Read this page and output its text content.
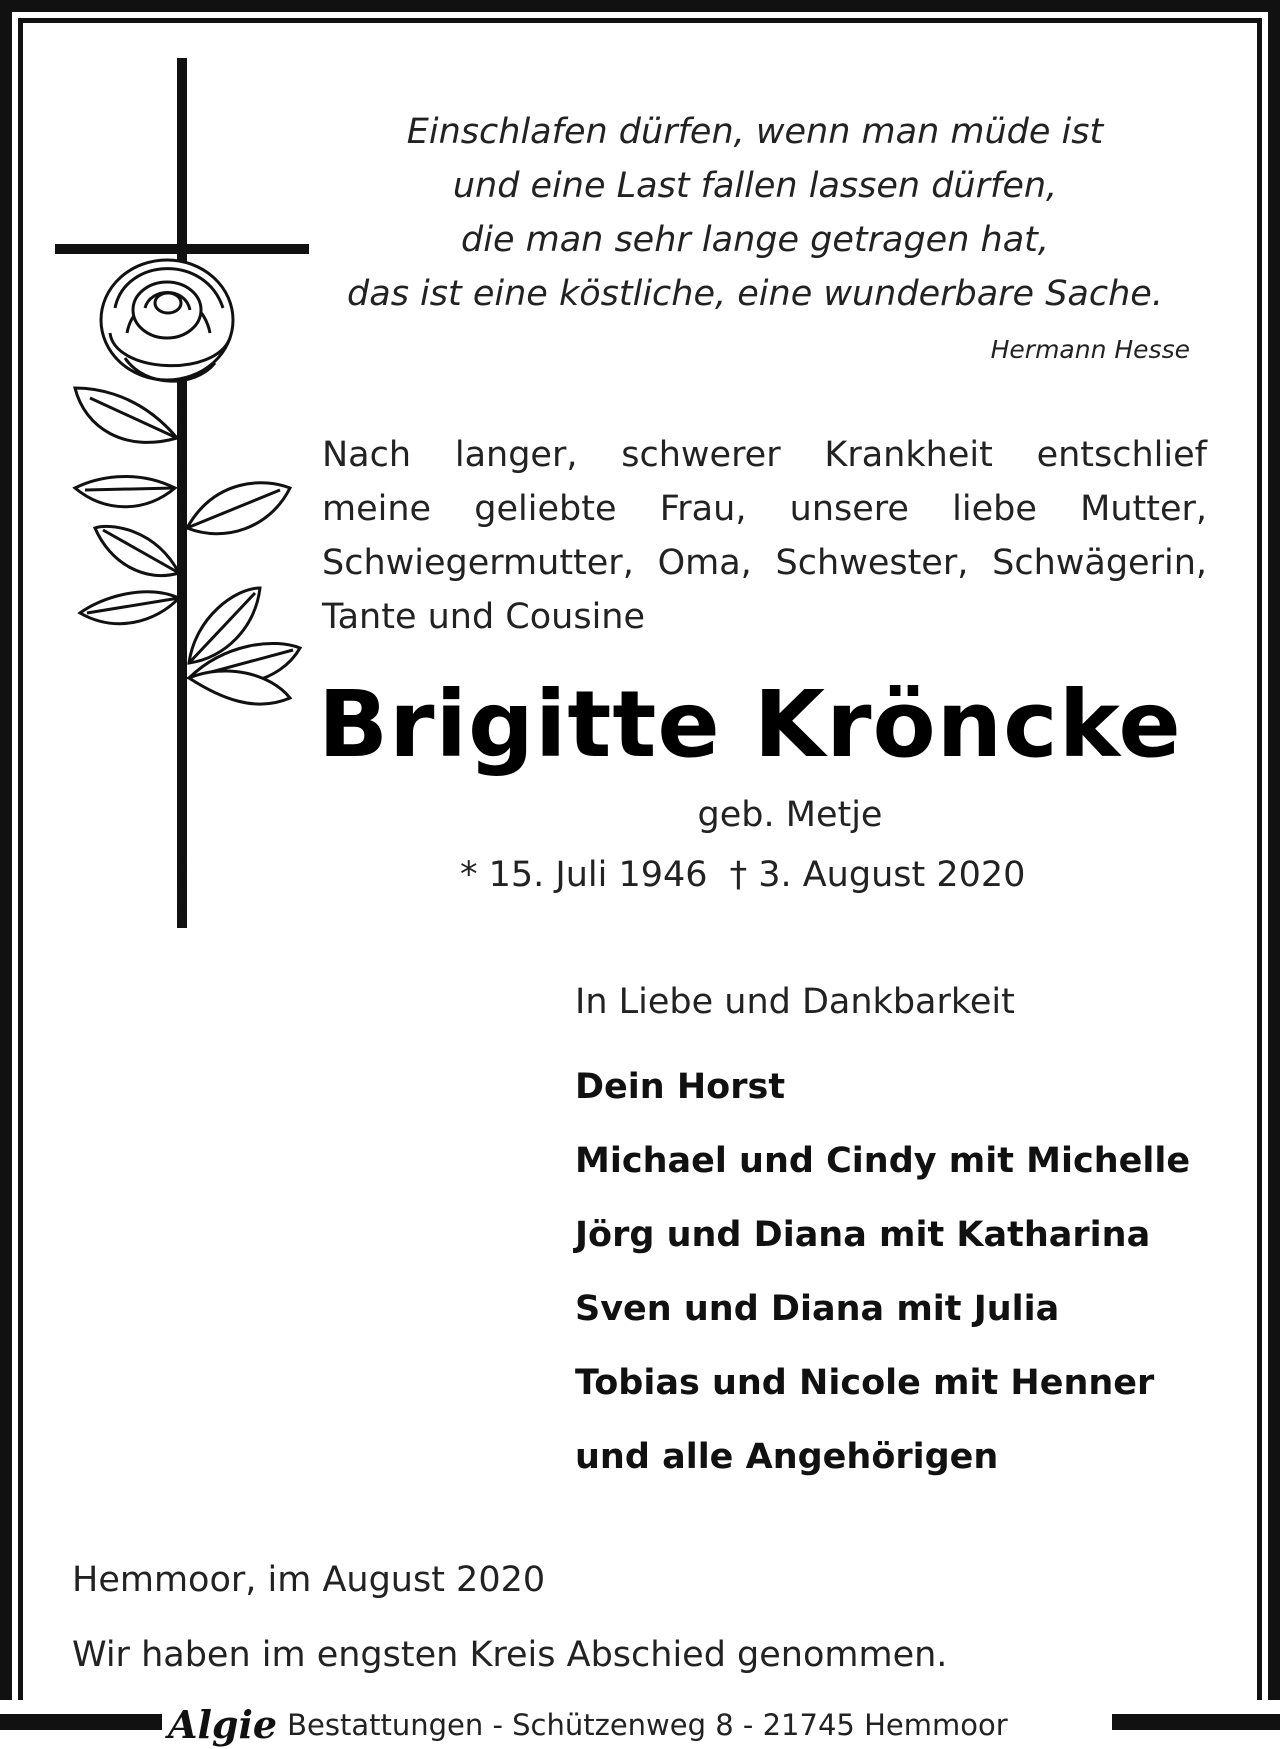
Einschlafen dürfen, wenn man müde ist
und eine Last fallen lassen dürfen,
die man sehr lange getragen hat,
das ist eine köstliche, eine wunderbare Sache.
Hermann Hesse
Nach langer, schwerer Krankheit entschlief
meine geliebte Frau, unsere liebe Mutter,
Schwiegermutter, Oma, Schwester, Schwägerin,
Tante und Cousine
Brigitte Kröncke
geb. Metje
* 15. Juli 1946 † 3. August 2020
In Liebe und Dankbarkeit
Dein Horst
Michael und Cindy mit Michelle
Jörg und Diana mit Katharina
Sven und Diana mit Julia
Tobias und Nicole mit Henner
und alle Angehörigen
Hemmoor, im August 2020
Wir haben im engsten Kreis Abschied genommen.
Algie Bestattungen - Schützenweg 8 - 21745 Hemmoor
